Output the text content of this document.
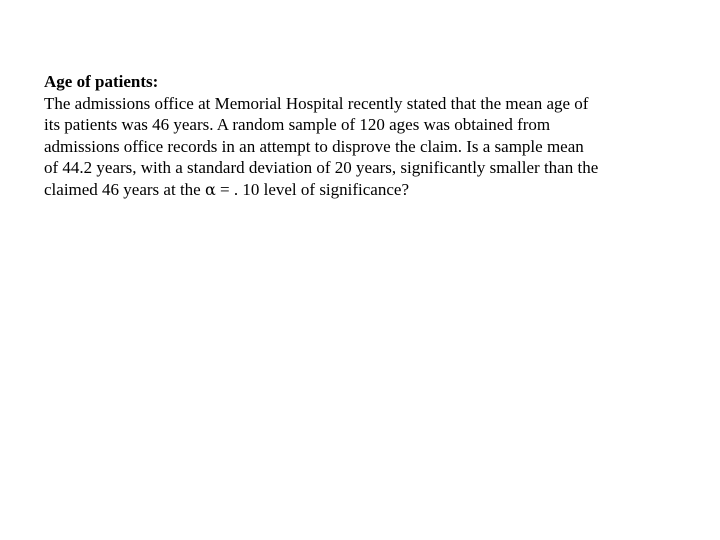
Age of patients:
The admissions office at Memorial Hospital recently stated that the mean age of
its patients was 46 years. A random sample of 120 ages was obtained from
admissions office records in an attempt to disprove the claim. Is a sample mean
of 44.2 years, with a standard deviation of 20 years, significantly smaller than the
claimed 46 years at the α = . 10 level of significance?
